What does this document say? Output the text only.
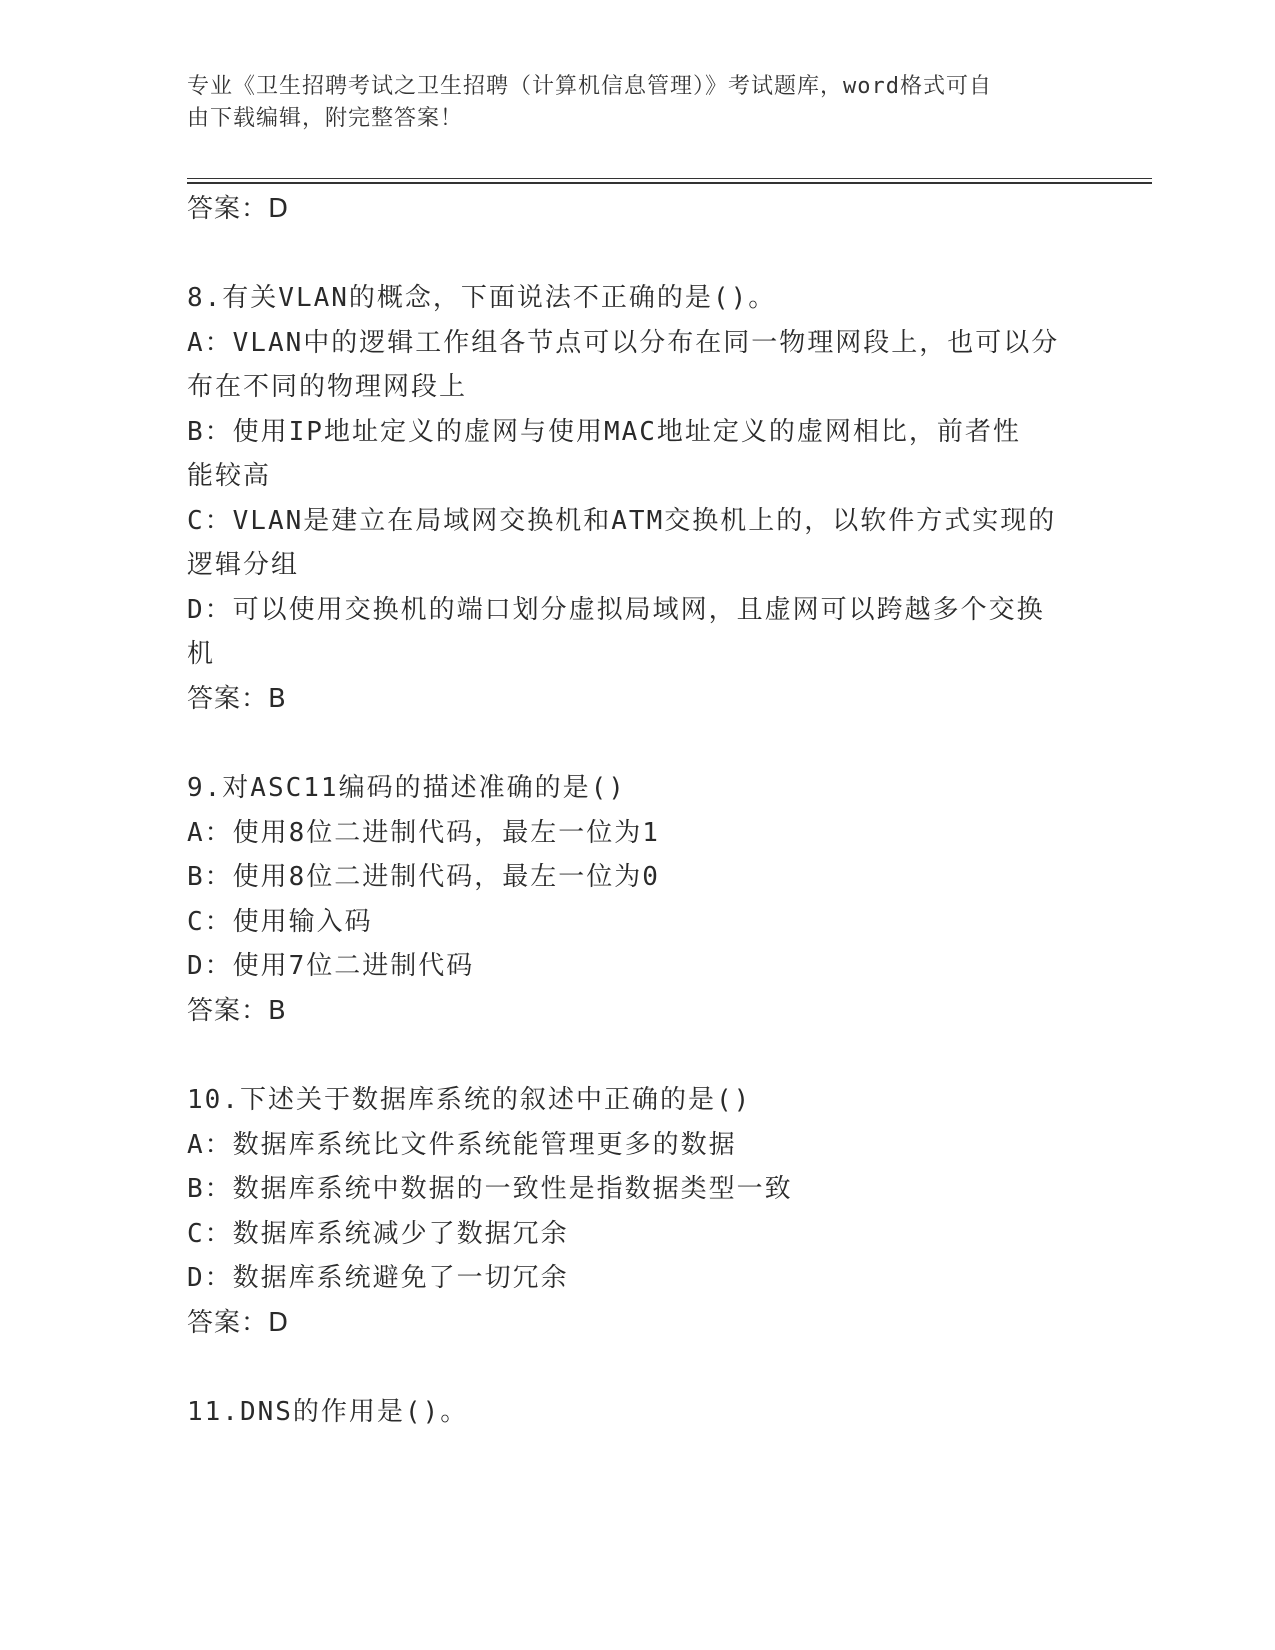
专业《卫生招聘考试之卫生招聘（计算机信息管理）》考试题库，word格式可自
由下载编辑，附完整答案！
答案：D
8.有关VLAN的概念，下面说法不正确的是()。
A：VLAN中的逻辑工作组各节点可以分布在同一物理网段上，也可以分
布在不同的物理网段上
B：使用IP地址定义的虚网与使用MAC地址定义的虚网相比，前者性
能较高
C：VLAN是建立在局域网交换机和ATM交换机上的，以软件方式实现的
逻辑分组
D：可以使用交换机的端口划分虚拟局域网，且虚网可以跨越多个交换
机
答案：B
9.对ASC11编码的描述准确的是()
A：使用8位二进制代码，最左一位为1
B：使用8位二进制代码，最左一位为0
C：使用输入码
D：使用7位二进制代码
答案：B
10.下述关于数据库系统的叙述中正确的是()
A：数据库系统比文件系统能管理更多的数据
B：数据库系统中数据的一致性是指数据类型一致
C：数据库系统减少了数据冗余
D：数据库系统避免了一切冗余
答案：D
11.DNS的作用是()。
